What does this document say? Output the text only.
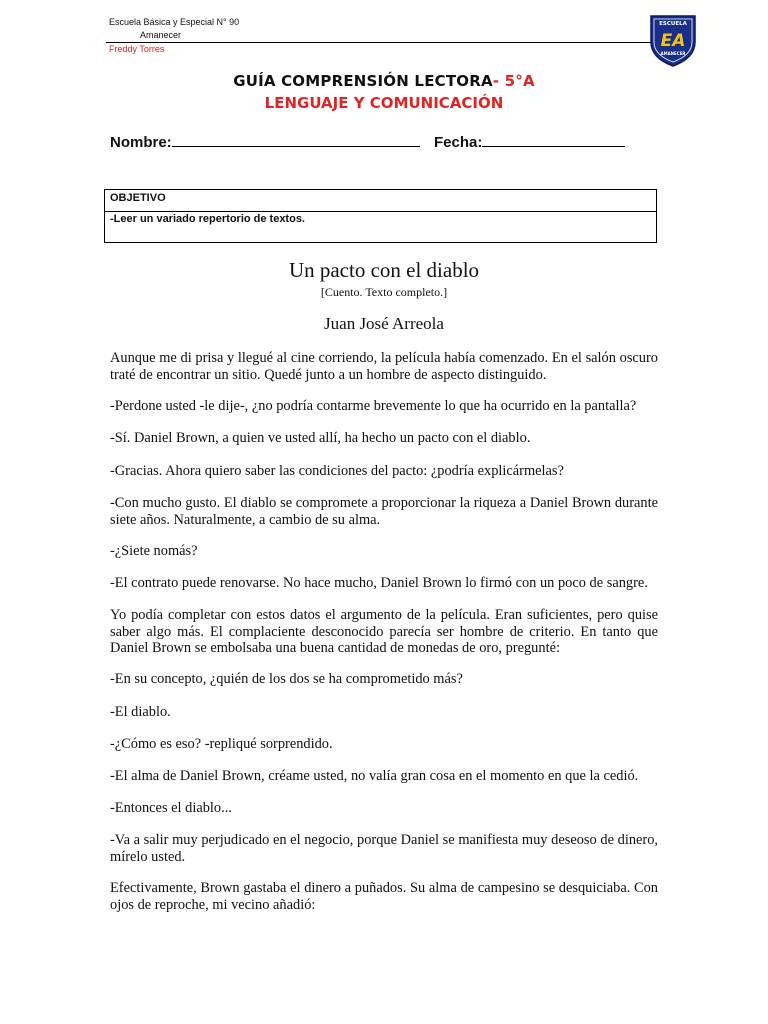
Escuela Básica y Especial N° 90
Amanecer
Freddy Torres
ESCUELA
EA
AMANECER
GUÍA COMPRENSIÓN LECTORA- 5°A
LENGUAJE Y COMUNICACIÓN
Nombre:	Fecha:
OBJETIVO
-Leer un variado repertorio de textos.
Un pacto con el diablo
[Cuento. Texto completo.]
Juan José Arreola
Aunque me di prisa y llegué al cine corriendo, la película había comenzado. En el salón oscuro traté de encontrar un sitio. Quedé junto a un hombre de aspecto distinguido.
-Perdone usted -le dije-, ¿no podría contarme brevemente lo que ha ocurrido en la pantalla?
-Sí. Daniel Brown, a quien ve usted allí, ha hecho un pacto con el diablo.
-Gracias. Ahora quiero saber las condiciones del pacto: ¿podría explicármelas?
-Con mucho gusto. El diablo se compromete a proporcionar la riqueza a Daniel Brown durante siete años. Naturalmente, a cambio de su alma.
-¿Siete nomás?
-El contrato puede renovarse. No hace mucho, Daniel Brown lo firmó con un poco de sangre.
Yo podía completar con estos datos el argumento de la película. Eran suficientes, pero quise saber algo más. El complaciente desconocido parecía ser hombre de criterio. En tanto que Daniel Brown se embolsaba una buena cantidad de monedas de oro, pregunté:
-En su concepto, ¿quién de los dos se ha comprometido más?
-El diablo.
-¿Cómo es eso? -repliqué sorprendido.
-El alma de Daniel Brown, créame usted, no valía gran cosa en el momento en que la cedió.
-Entonces el diablo...
-Va a salir muy perjudicado en el negocio, porque Daniel se manifiesta muy deseoso de dinero, mírelo usted.
Efectivamente, Brown gastaba el dinero a puñados. Su alma de campesino se desquiciaba. Con ojos de reproche, mi vecino añadió:
